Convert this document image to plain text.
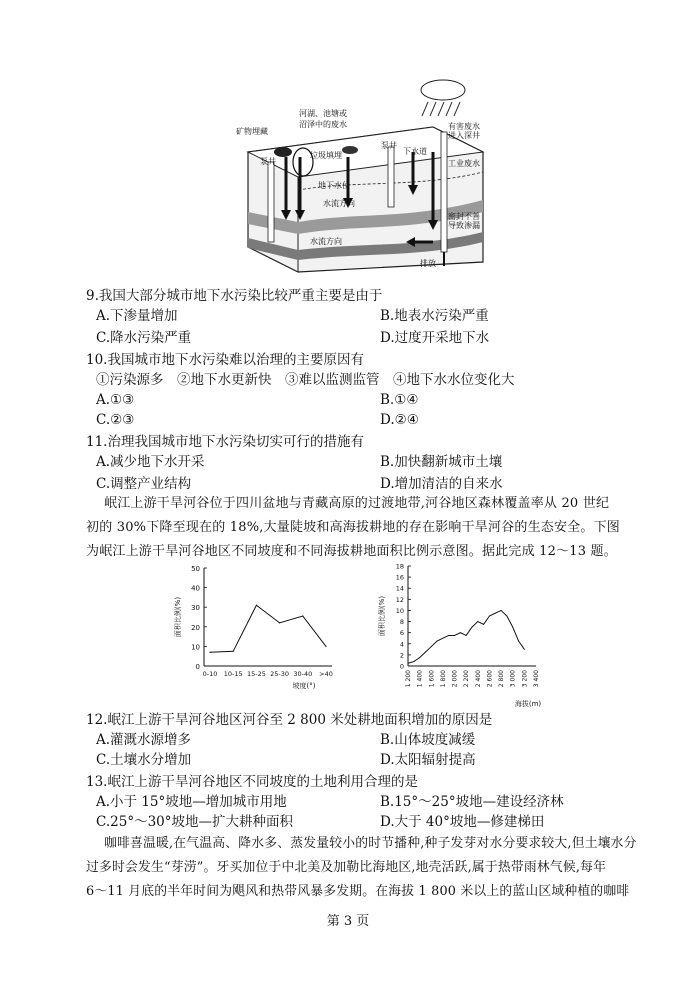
矿物埋藏
河湖、池塘或
沼泽中的废水
垃圾填埋
泵井
泵井
下水道
有害废水
进入深井
工业废水
地下水位
水流方向
水流方向
密封不善
导致渗漏
排放
9.我国大部分城市地下水污染比较严重主要是由于
A.下渗量增加	B.地表水污染严重
C.降水污染严重	D.过度开采地下水
10.我国城市地下水污染难以治理的主要原因有
①污染源多　②地下水更新快　③难以监测监管　④地下水水位变化大
A.①③	B.①④
C.②③	D.②④
11.治理我国城市地下水污染切实可行的措施有
A.减少地下水开采	B.加快翻新城市土壤
C.调整产业结构	D.增加清洁的自来水
岷江上游干旱河谷位于四川盆地与青藏高原的过渡地带,河谷地区森林覆盖率从 20 世纪
初的 30%下降至现在的 18%,大量陡坡和高海拔耕地的存在影响干旱河谷的生态安全。下图
为岷江上游干旱河谷地区不同坡度和不同海拔耕地面积比例示意图。据此完成 12～13 题。
50
40
30
20
10
0
0-10 10-15 15-25 25-30 30-40 >40
面积比例(%)
坡度(°)
18
16
14
12
10
8
6
4
2
0
1 200 1 400 1 600 1 800 2 000 2 200 2 400 2 600 2 800 3 000 3 200 3 400
面积比例(%)
海拔(m)
12.岷江上游干旱河谷地区河谷至 2 800 米处耕地面积增加的原因是
A.灌溉水源增多	B.山体坡度减缓
C.土壤水分增加	D.太阳辐射提高
13.岷江上游干旱河谷地区不同坡度的土地利用合理的是
A.小于 15°坡地—增加城市用地	B.15°～25°坡地—建设经济林
C.25°～30°坡地—扩大耕种面积	D.大于 40°坡地—修建梯田
咖啡喜温暖,在气温高、降水多、蒸发量较小的时节播种,种子发芽对水分要求较大,但土壤水分
过多时会发生“芽涝”。牙买加位于中北美及加勒比海地区,地壳活跃,属于热带雨林气候,每年
6～11 月底的半年时间为飓风和热带风暴多发期。在海拔 1 800 米以上的蓝山区域种植的咖啡
第 3 页
